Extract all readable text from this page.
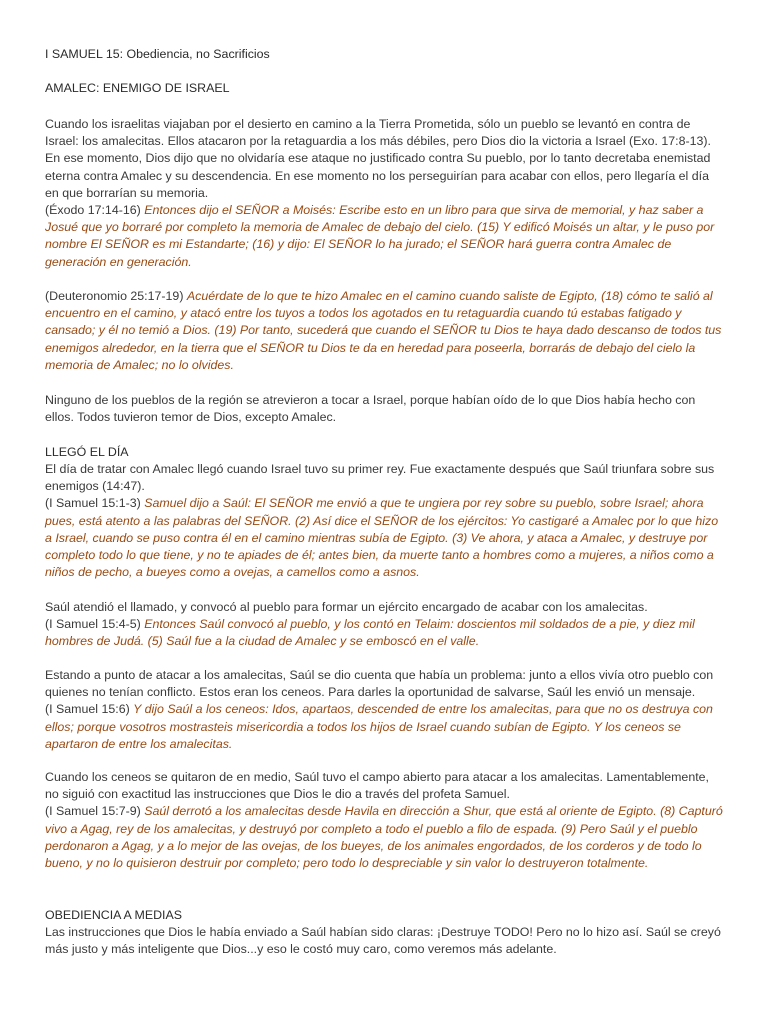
I SAMUEL 15: Obediencia, no Sacrificios

AMALEC: ENEMIGO DE ISRAEL

Cuando los israelitas viajaban por el desierto en camino a la Tierra Prometida, sólo un pueblo se levantó en contra de Israel: los amalecitas. Ellos atacaron por la retaguardia a los más débiles, pero Dios dio la victoria a Israel (Exo. 17:8-13). En ese momento, Dios dijo que no olvidaría ese ataque no justificado contra Su pueblo, por lo tanto decretaba enemistad eterna contra Amalec y su descendencia. En ese momento no los perseguirían para acabar con ellos, pero llegaría el día en que borrarían su memoria.
(Éxodo 17:14-16) Entonces dijo el SEÑOR a Moisés: Escribe esto en un libro para que sirva de memorial, y haz saber a Josué que yo borraré por completo la memoria de Amalec de debajo del cielo. (15) Y edificó Moisés un altar, y le puso por nombre El SEÑOR es mi Estandarte; (16) y dijo: El SEÑOR lo ha jurado; el SEÑOR hará guerra contra Amalec de generación en generación.

(Deuteronomio 25:17-19) Acuérdate de lo que te hizo Amalec en el camino cuando saliste de Egipto, (18) cómo te salió al encuentro en el camino, y atacó entre los tuyos a todos los agotados en tu retaguardia cuando tú estabas fatigado y cansado; y él no temió a Dios. (19) Por tanto, sucederá que cuando el SEÑOR tu Dios te haya dado descanso de todos tus enemigos alrededor, en la tierra que el SEÑOR tu Dios te da en heredad para poseerla, borrarás de debajo del cielo la memoria de Amalec; no lo olvides.

Ninguno de los pueblos de la región se atrevieron a tocar a Israel, porque habían oído de lo que Dios había hecho con ellos. Todos tuvieron temor de Dios, excepto Amalec.

LLEGÓ EL DÍA

El día de tratar con Amalec llegó cuando Israel tuvo su primer rey. Fue exactamente después que Saúl triunfara sobre sus enemigos (14:47).
(I Samuel 15:1-3) Samuel dijo a Saúl: El SEÑOR me envió a que te ungiera por rey sobre su pueblo, sobre Israel; ahora pues, está atento a las palabras del SEÑOR. (2) Así dice el SEÑOR de los ejércitos: Yo castigaré a Amalec por lo que hizo a Israel, cuando se puso contra él en el camino mientras subía de Egipto. (3) Ve ahora, y ataca a Amalec, y destruye por completo todo lo que tiene, y no te apiades de él; antes bien, da muerte tanto a hombres como a mujeres, a niños como a niños de pecho, a bueyes como a ovejas, a camellos como a asnos.

Saúl atendió el llamado, y convocó al pueblo para formar un ejército encargado de acabar con los amalecitas.
(I Samuel 15:4-5) Entonces Saúl convocó al pueblo, y los contó en Telaim: doscientos mil soldados de a pie, y diez mil hombres de Judá. (5) Saúl fue a la ciudad de Amalec y se emboscó en el valle.

Estando a punto de atacar a los amalecitas, Saúl se dio cuenta que había un problema: junto a ellos vivía otro pueblo con quienes no tenían conflicto. Estos eran los ceneos. Para darles la oportunidad de salvarse, Saúl les envió un mensaje.
(I Samuel 15:6) Y dijo Saúl a los ceneos: Idos, apartaos, descended de entre los amalecitas, para que no os destruya con ellos; porque vosotros mostrasteis misericordia a todos los hijos de Israel cuando subían de Egipto. Y los ceneos se apartaron de entre los amalecitas.

Cuando los ceneos se quitaron de en medio, Saúl tuvo el campo abierto para atacar a los amalecitas. Lamentablemente, no siguió con exactitud las instrucciones que Dios le dio a través del profeta Samuel.
(I Samuel 15:7-9) Saúl derrotó a los amalecitas desde Havila en dirección a Shur, que está al oriente de Egipto. (8) Capturó vivo a Agag, rey de los amalecitas, y destruyó por completo a todo el pueblo a filo de espada. (9) Pero Saúl y el pueblo perdonaron a Agag, y a lo mejor de las ovejas, de los bueyes, de los animales engordados, de los corderos y de todo lo bueno, y no lo quisieron destruir por completo; pero todo lo despreciable y sin valor lo destruyeron totalmente.

OBEDIENCIA A MEDIAS

Las instrucciones que Dios le había enviado a Saúl habían sido claras: ¡Destruye TODO! Pero no lo hizo así. Saúl se creyó más justo y más inteligente que Dios...y eso le costó muy caro, como veremos más adelante.
